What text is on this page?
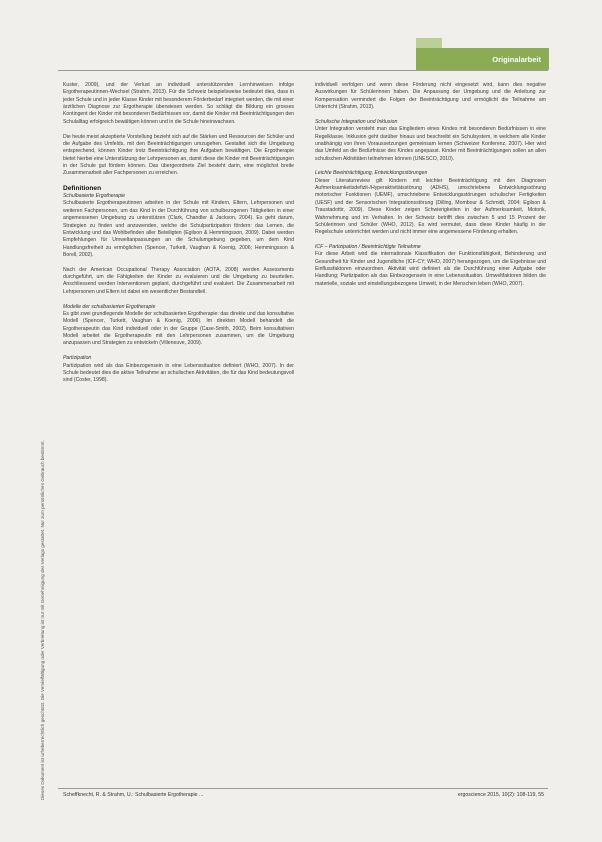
Originalarbeit
Dieses Dokument ist urheberrechtlich geschützt. Die Vervielfältigung oder Verbreitung ist nur mit Genehmigung des Verlags gestattet. Nur zum persönlichen Gebrauch bestimmt.

Kuster, 2009), und der Verlust an individuell unterstützenden Lernhinweisen infolge Ergotherapeutinnen-Wechsel (Strahm, 2013). Für die Schweiz beispielsweise bedeutet dies, dass in jeder Schule und in jeder Klasse Kinder mit besonderem Förderbedarf integriert werden, die mit einer ärztlichen Diagnose zur Ergotherapie überwiesen werden. So schlägt die Bildung ein grosses Kontingent der Kinder mit besonderen Bedürfnissen vor, damit die Kinder mit Beeinträchtigungen den Schulalltag erfolgreich bewältigen können und in die Schule hineinwachsen.

Die heute meist akzeptierte Vorstellung bezieht sich auf die Stärken und Ressourcen der Schüler und die Aufgabe des Umfelds, mit den Beeinträchtigungen umzugehen. Gestaltet sich die Umgebung entsprechend, können Kinder trotz Beeinträchtigung ihre Aufgaben bewältigen. Die Ergotherapie bietet hierbei eine Unterstützung der Lehrpersonen an, damit diese die Kinder mit Beeinträchtigungen in der Schule gut fördern können. Das übergeordnete Ziel besteht darin, eine möglichst breite Zusammenarbeit aller Fachpersonen zu erreichen.

Definitionen
Schulbasierte Ergotherapie

Schulbasierte Ergotherapeutinnen arbeiten in der Schule mit Kindern, Eltern, Lehrpersonen und weiteren Fachpersonen, um das Kind in der Durchführung von schulbezogenen Tätigkeiten in einer angemessenen Umgebung zu unterstützen (Clark, Chandler & Jackson, 2004). Es geht darum, Strategien zu finden und anzuwenden, welche die Schulpartizipation fördern: das Lernen, die Entwicklung und das Wohlbefinden aller Beteiligten (Egilson & Hemmingsson, 2009). Dabei werden Empfehlungen für Umweltanpassungen an die Schulumgebung gegeben, um dem Kind Handlungsfreiheit zu ermöglichen (Spencer, Turkett, Vaughan & Koenig, 2006; Hemmingsson & Borell, 2002).

Nach der American Occupational Therapy Association (AOTA, 2008) werden Assessments durchgeführt, um die Fähigkeiten der Kinder zu evaluieren und die Umgebung zu beurteilen. Anschliessend werden Interventionen geplant, durchgeführt und evaluiert. Die Zusammenarbeit mit Lehrpersonen und Eltern ist dabei ein wesentlicher Bestandteil.

Modelle der schulbasierten Ergotherapie

Es gibt zwei grundlegende Modelle der schulbasierten Ergotherapie: das direkte und das konsultative Modell (Spencer, Turkett, Vaughan & Koenig, 2006). Im direkten Modell behandelt die Ergotherapeutin das Kind individuell oder in der Gruppe (Case-Smith, 2002). Beim konsultativen Modell arbeitet die Ergotherapeutin mit den Lehrpersonen zusammen, um die Umgebung anzupassen und Strategien zu entwickeln (Villeneuve, 2009).

Partizipation

Partizipation wird als das Einbezogensein in eine Lebenssituation definiert (WHO, 2007). In der Schule bedeutet dies die aktive Teilnahme an schulischen Aktivitäten, die für das Kind bedeutungsvoll sind (Coster, 1998).

individuell verfolgen und wenn diese Förderung nicht eingesetzt wird, kann dies negative Auswirkungen für Schülerinnen haben. Die Anpassung der Umgebung und die Anleitung zur Kompensation vermindert die Folgen der Beeinträchtigung und ermöglicht die Teilnahme am Unterricht (Strahm, 2013).

Schulische Integration und Inklusion

Unter Integration versteht man das Eingliedern eines Kindes mit besonderen Bedürfnissen in eine Regelklasse. Inklusion geht darüber hinaus und beschreibt ein Schulsystem, in welchem alle Kinder unabhängig von ihren Voraussetzungen gemeinsam lernen (Schweizer Konferenz, 2007). Hier wird das Umfeld an die Bedürfnisse des Kindes angepasst. Kinder mit Beeinträchtigungen sollen an allen schulischen Aktivitäten teilnehmen können (UNESCO, 2010).

Leichte Beeinträchtigung, Entwicklungsstörungen

Dieser Literaturreview gilt Kindern mit leichter Beeinträchtigung mit den Diagnosen Aufmerksamkeitsdefizit-/Hyperaktivitätsstörung (ADHS), umschriebene Entwicklungsstörung motorischer Funktionen (UEMF), umschriebene Entwicklungsstörungen schulischer Fertigkeiten (UESF) und der Sensorischen Integrationsstörung (Dilling, Mombour & Schmidt, 2004; Egilson & Traustadottir, 2009). Diese Kinder zeigen Schwierigkeiten in der Aufmerksamkeit, Motorik, Wahrnehmung und im Verhalten. In der Schweiz betrifft dies zwischen 5 und 15 Prozent der Schülerinnen und Schüler (WHO, 2012). Es wird vermutet, dass diese Kinder häufig in der Regelschule unterrichtet werden und nicht immer eine angemessene Förderung erhalten.

ICF – Partizipation / Beeinträchtigte Teilnahme

Für diese Arbeit wird die internationale Klassifikation der Funktionsfähigkeit, Behinderung und Gesundheit für Kinder und Jugendliche (ICF-CY; WHO, 2007) herangezogen, um die Ergebnisse und Einflussfaktoren einzuordnen. Aktivität wird definiert als die Durchführung einer Aufgabe oder Handlung; Partizipation als das Einbezogensein in eine Lebenssituation. Umweltfaktoren bilden die materielle, soziale und einstellungsbezogene Umwelt, in der Menschen leben (WHO, 2007).

Scheffknecht, R. & Strahm, U.: Schulbasierte Ergotherapie ...	ergoscience 2015, 10(2): 108-119, 55
